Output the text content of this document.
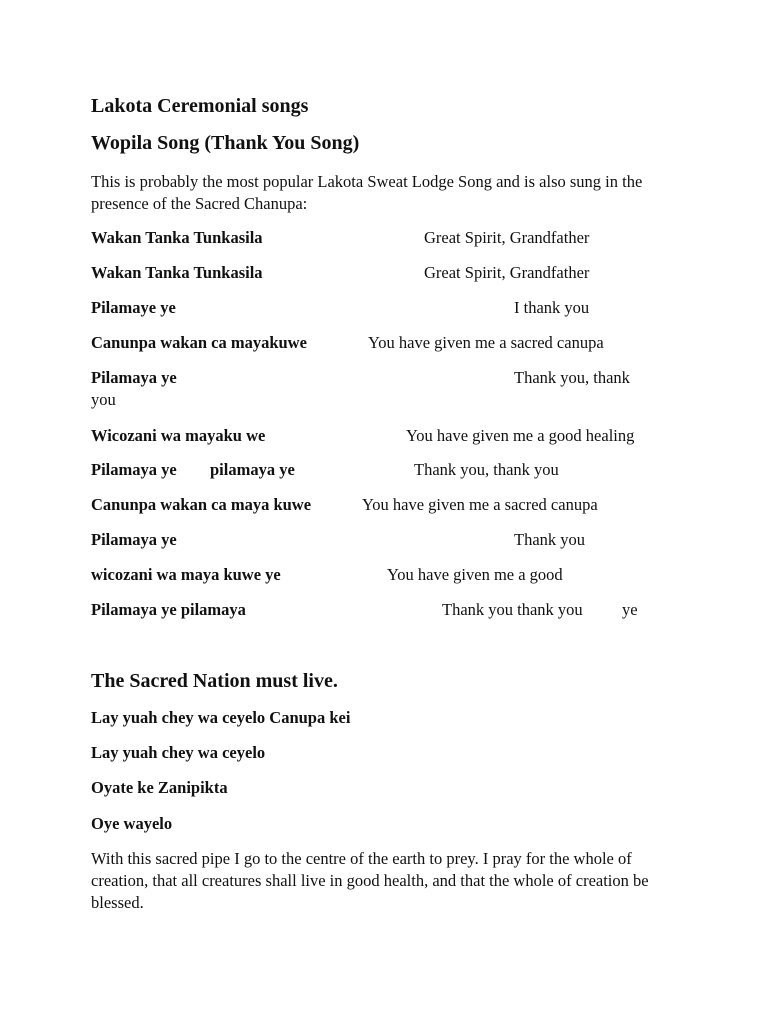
Lakota Ceremonial songs
Wopila Song (Thank You Song)

This is probably the most popular Lakota Sweat Lodge Song and is also sung in the presence of the Sacred Chanupa:

Wakan Tanka Tunkasila	Great Spirit, Grandfather
Wakan Tanka Tunkasila	Great Spirit, Grandfather
Pilamaye ye	I thank you
Canunpa wakan ca mayakuwe	You have given me a sacred canupa
Pilamaya ye	Thank you, thank
you
Wicozani wa mayaku we	You have given me a good healing
Pilamaya ye pilamaya ye	Thank you, thank you
Canunpa wakan ca maya kuwe	You have given me a sacred canupa
Pilamaya ye	Thank you
wicozani wa maya kuwe ye	You have given me a good
Pilamaya ye pilamaya	Thank you thank you ye
The Sacred Nation must live.
Lay yuah chey wa ceyelo Canupa kei
Lay yuah chey wa ceyelo
Oyate ke Zanipikta
Oye wayelo

With this sacred pipe I go to the centre of the earth to prey. I pray for the whole of creation, that all creatures shall live in good health, and that the whole of creation be blessed.
